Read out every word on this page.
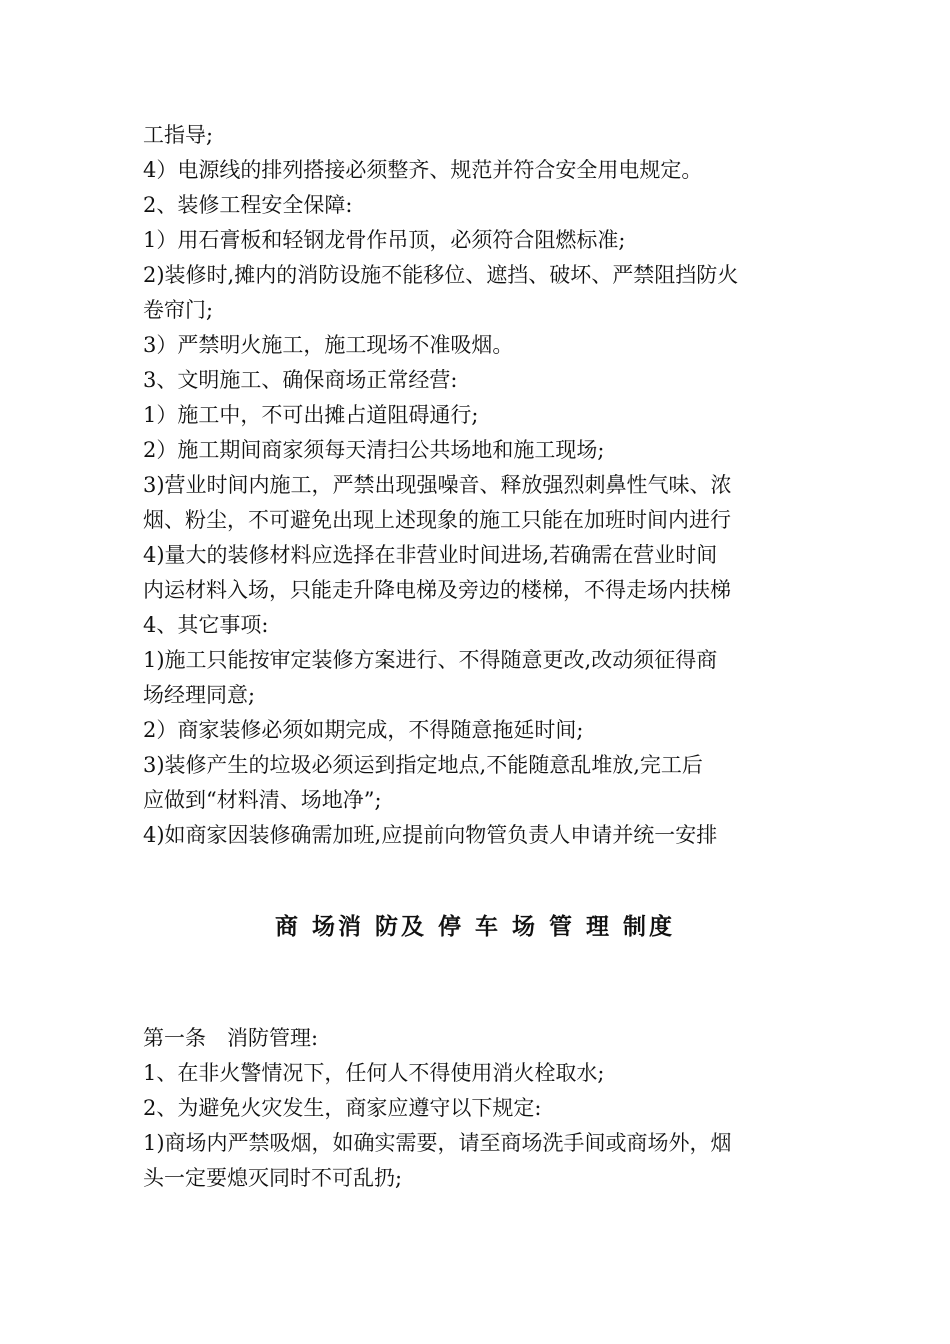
工指导;
4）电源线的排列搭接必须整齐、规范并符合安全用电规定。
2、装修工程安全保障:
1）用石膏板和轻钢龙骨作吊顶，必须符合阻燃标准;
2)装修时,摊内的消防设施不能移位、遮挡、破坏、严禁阻挡防火
卷帘门;
3）严禁明火施工，施工现场不准吸烟。
3、文明施工、确保商场正常经营:
1）施工中，不可出摊占道阻碍通行;
2）施工期间商家须每天清扫公共场地和施工现场;
3)营业时间内施工，严禁出现强噪音、释放强烈刺鼻性气味、浓
烟、粉尘，不可避免出现上述现象的施工只能在加班时间内进行
4)量大的装修材料应选择在非营业时间进场,若确需在营业时间
内运材料入场，只能走升降电梯及旁边的楼梯，不得走场内扶梯
4、其它事项:
1)施工只能按审定装修方案进行、不得随意更改,改动须征得商
场经理同意;
2）商家装修必须如期完成，不得随意拖延时间;
3)装修产生的垃圾必须运到指定地点,不能随意乱堆放,完工后
应做到“材料清、场地净”;
4)如商家因装修确需加班,应提前向物管负责人申请并统一安排
商 场消 防及 停 车 场 管 理 制度
第一条　消防管理:
1、在非火警情况下，任何人不得使用消火栓取水;
2、为避免火灾发生，商家应遵守以下规定:
1)商场内严禁吸烟，如确实需要，请至商场洗手间或商场外，烟
头一定要熄灭同时不可乱扔;
